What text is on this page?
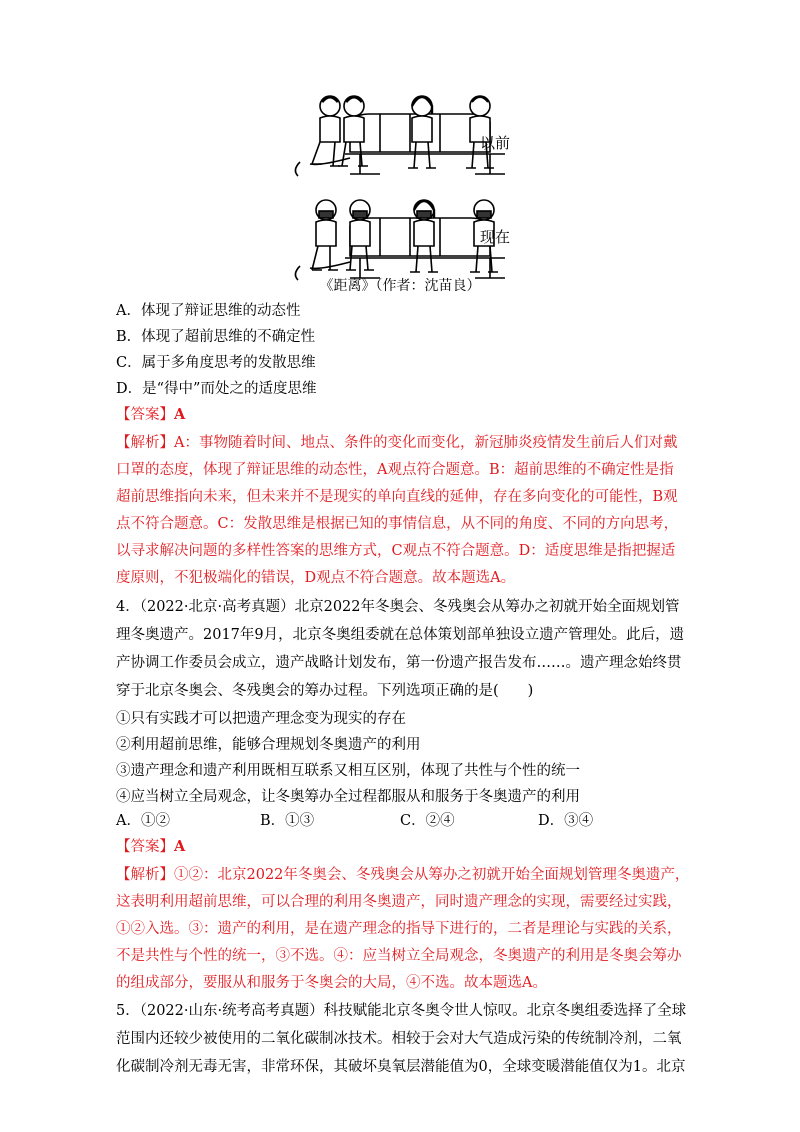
以前
现在
《距离》（作者：沈苗良）
A．体现了辩证思维的动态性
B．体现了超前思维的不确定性
C．属于多角度思考的发散思维
D．是“得中”而处之的适度思维
【答案】A
【解析】A：事物随着时间、地点、条件的变化而变化，新冠肺炎疫情发生前后人们对戴
口罩的态度，体现了辩证思维的动态性，A观点符合题意。B：超前思维的不确定性是指
超前思维指向未来，但未来并不是现实的单向直线的延伸，存在多向变化的可能性，B观
点不符合题意。C：发散思维是根据已知的事情信息，从不同的角度、不同的方向思考，
以寻求解决问题的多样性答案的思维方式，C观点不符合题意。D：适度思维是指把握适
度原则，不犯极端化的错误，D观点不符合题意。故本题选A。
4．（2022·北京·高考真题）北京2022年冬奥会、冬残奥会从筹办之初就开始全面规划管
理冬奥遗产。2017年9月，北京冬奥组委就在总体策划部单独设立遗产管理处。此后，遗
产协调工作委员会成立，遗产战略计划发布，第一份遗产报告发布……。遗产理念始终贯
穿于北京冬奥会、冬残奥会的筹办过程。下列选项正确的是(　　)
①只有实践才可以把遗产理念变为现实的存在
②利用超前思维，能够合理规划冬奥遗产的利用
③遗产理念和遗产利用既相互联系又相互区别，体现了共性与个性的统一
④应当树立全局观念，让冬奥筹办全过程都服从和服务于冬奥遗产的利用
A．①②	B．①③	C．②④	D．③④
【答案】A
【解析】①②：北京2022年冬奥会、冬残奥会从筹办之初就开始全面规划管理冬奥遗产，
这表明利用超前思维，可以合理的利用冬奥遗产，同时遗产理念的实现，需要经过实践，
①②入选。③：遗产的利用，是在遗产理念的指导下进行的，二者是理论与实践的关系，
不是共性与个性的统一，③不选。④：应当树立全局观念，冬奥遗产的利用是冬奥会筹办
的组成部分，要服从和服务于冬奥会的大局，④不选。故本题选A。
5．（2022·山东·统考高考真题）科技赋能北京冬奥令世人惊叹。北京冬奥组委选择了全球
范围内还较少被使用的二氧化碳制冰技术。相较于会对大气造成污染的传统制冷剂，二氧
化碳制冷剂无毒无害，非常环保，其破坏臭氧层潜能值为0，全球变暖潜能值仅为1。北京
